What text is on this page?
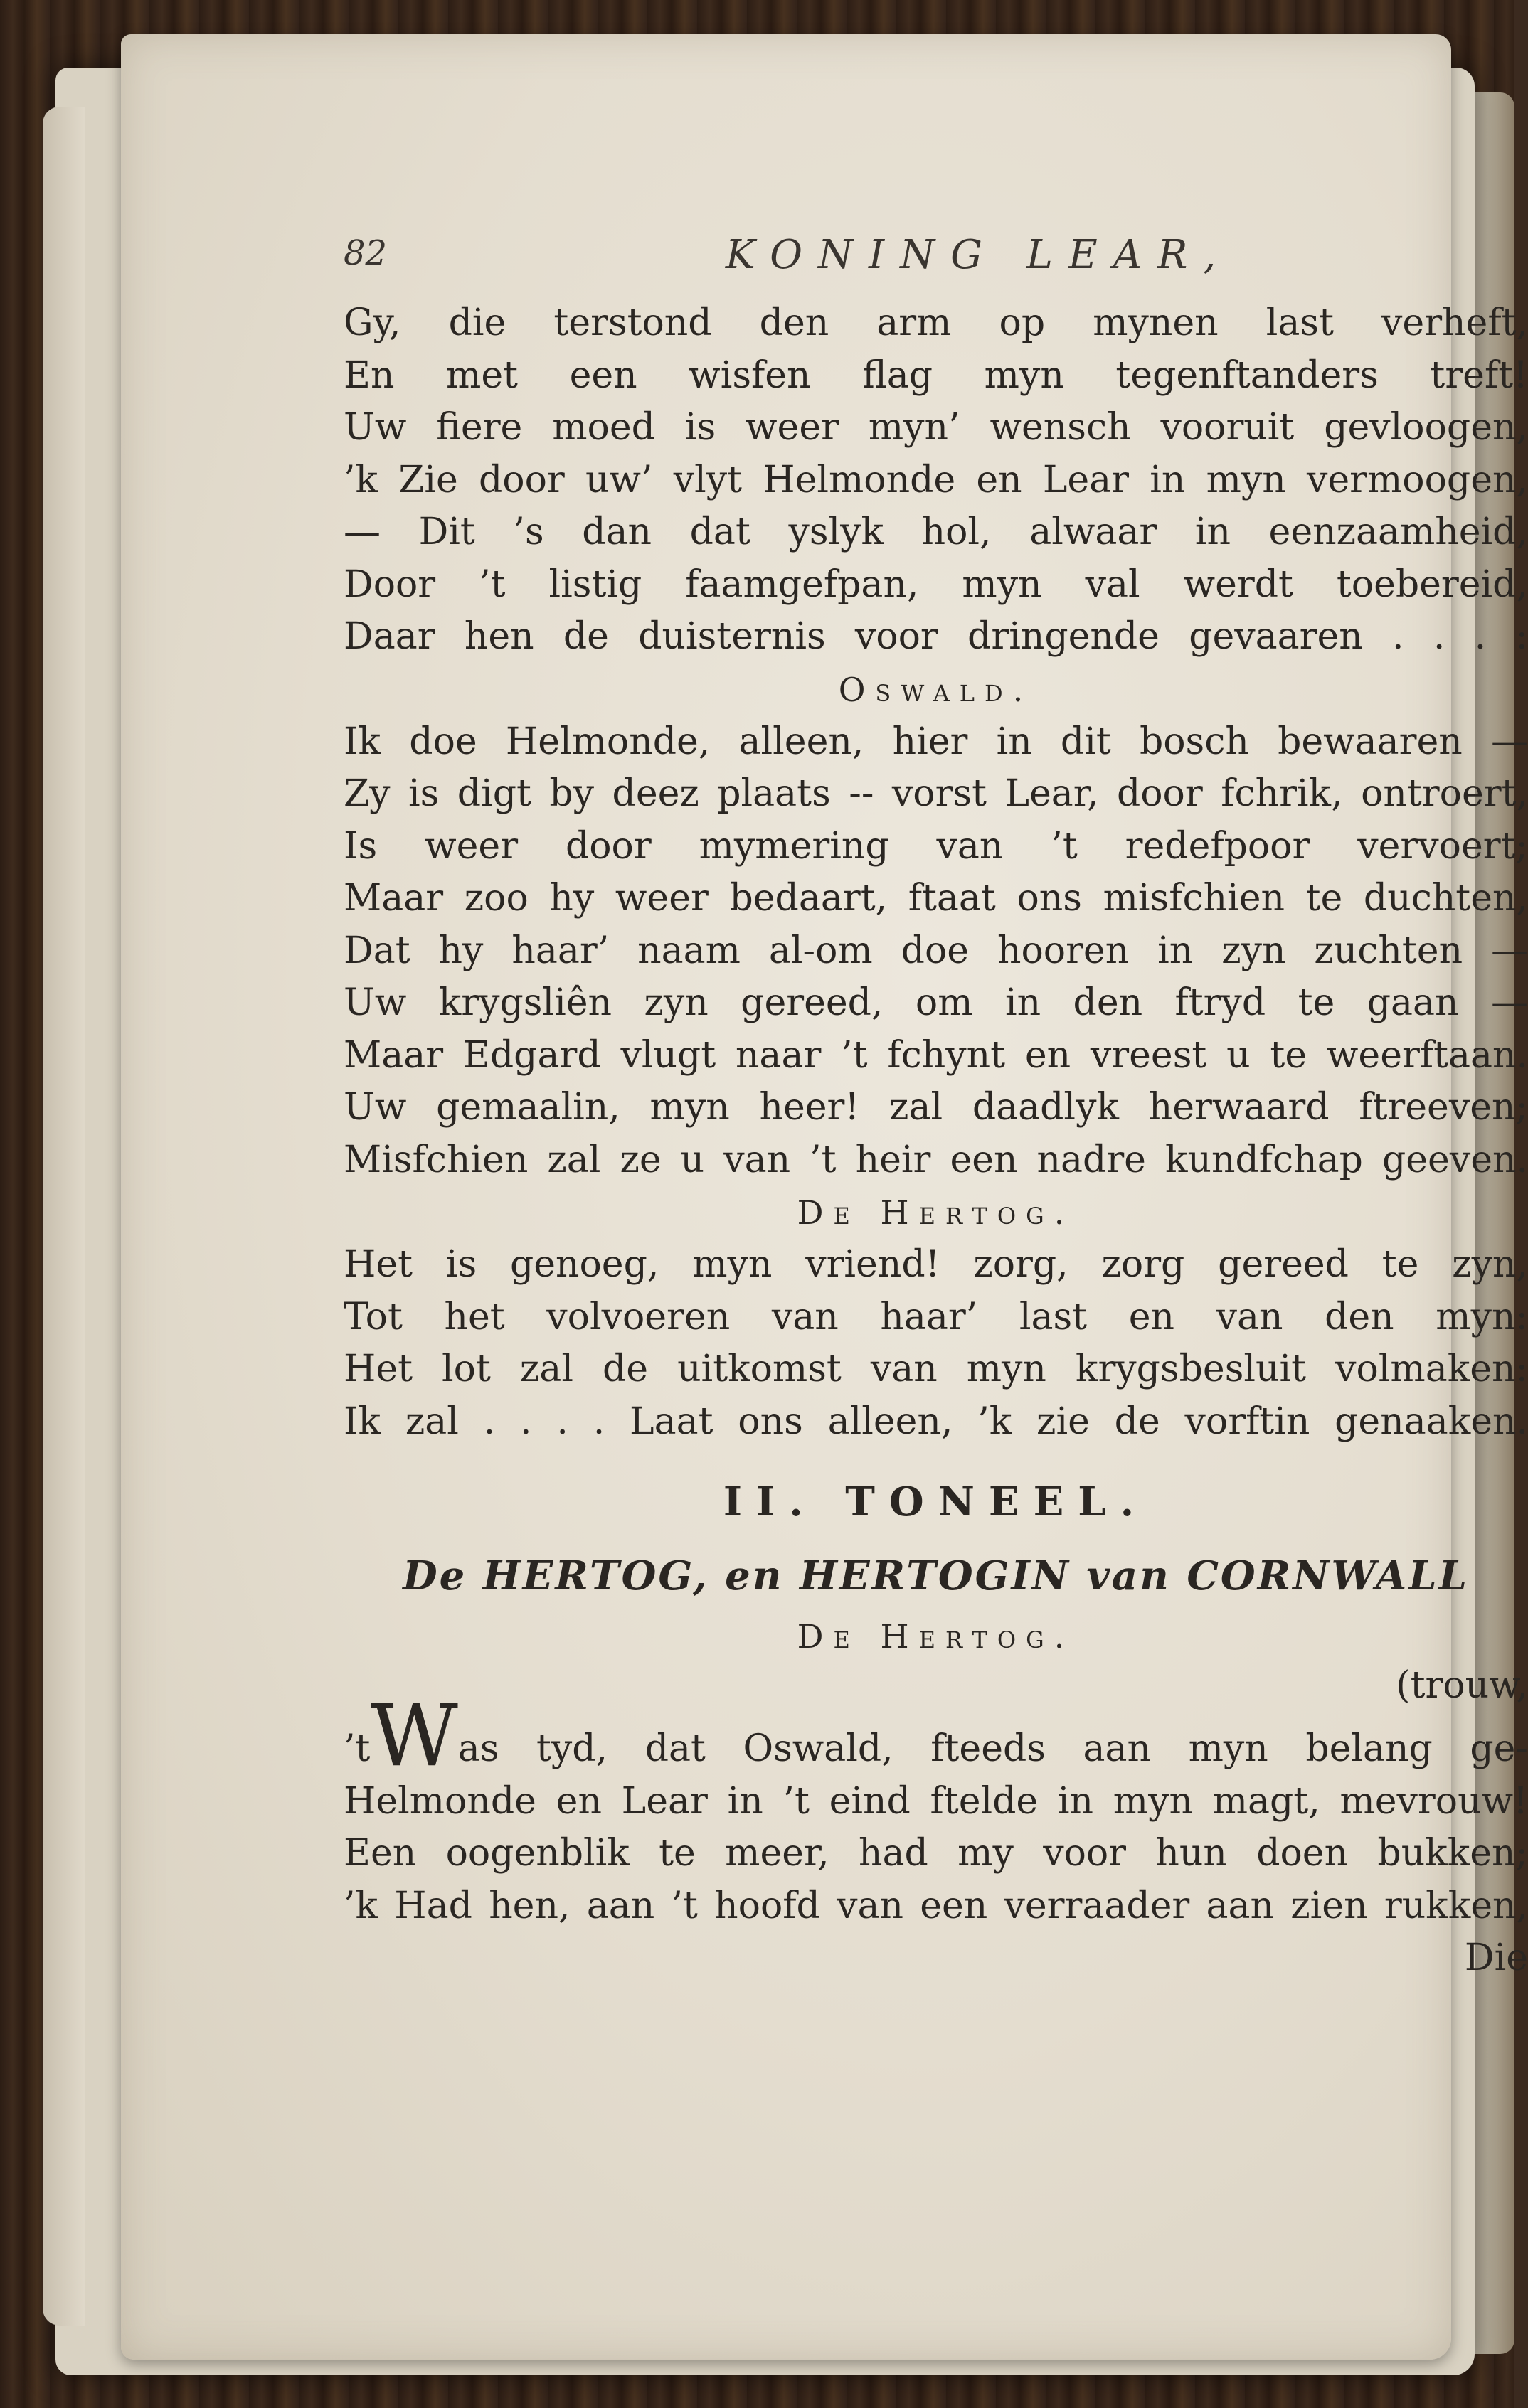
82	KONING LEAR,

Gy, die terstond den arm op mynen last verheft,

En met een wisfen flag myn tegenftanders treft!

Uw fiere moed is weer myn’ wensch vooruit gevloogen,

’k Zie door uw’ vlyt Helmonde en Lear in myn vermoogen,

— Dit ’s dan dat yslyk hol, alwaar in eenzaamheid,

Door ’t listig faamgefpan, myn val werdt toebereid,

Daar hen de duisternis voor dringende gevaaren . . . :

Oswald.

Ik doe Helmonde, alleen, hier in dit bosch bewaaren —

Zy is digt by deez plaats -- vorst Lear, door fchrik, ontroert,

Is weer door mymering van ’t redefpoor vervoert;

Maar zoo hy weer bedaart, ftaat ons misfchien te duchten,

Dat hy haar’ naam al-om doe hooren in zyn zuchten —

Uw krygsliên zyn gereed, om in den ftryd te gaan —

Maar Edgard vlugt naar ’t fchynt en vreest u te weerftaan.

Uw gemaalin, myn heer! zal daadlyk herwaard ftreeven;

Misfchien zal ze u van ’t heir een nadre kundfchap geeven.

De Hertog.

Het is genoeg, myn vriend! zorg, zorg gereed te zyn,

Tot het volvoeren van haar’ last en van den myn:

Het lot zal de uitkomst van myn krygsbesluit volmaken:

Ik zal . . . . Laat ons alleen, ’k zie de vorftin genaaken.

II. TONEEL.

De HERTOG, en HERTOGIN van CORNWALL

De Hertog.

(trouw,

’tWas tyd, dat Oswald, fteeds aan myn belang ge-

Helmonde en Lear in ’t eind ftelde in myn magt, mevrouw!

Een oogenblik te meer, had my voor hun doen bukken;

’k Had hen, aan ’t hoofd van een verraader aan zien rukken,

Die
